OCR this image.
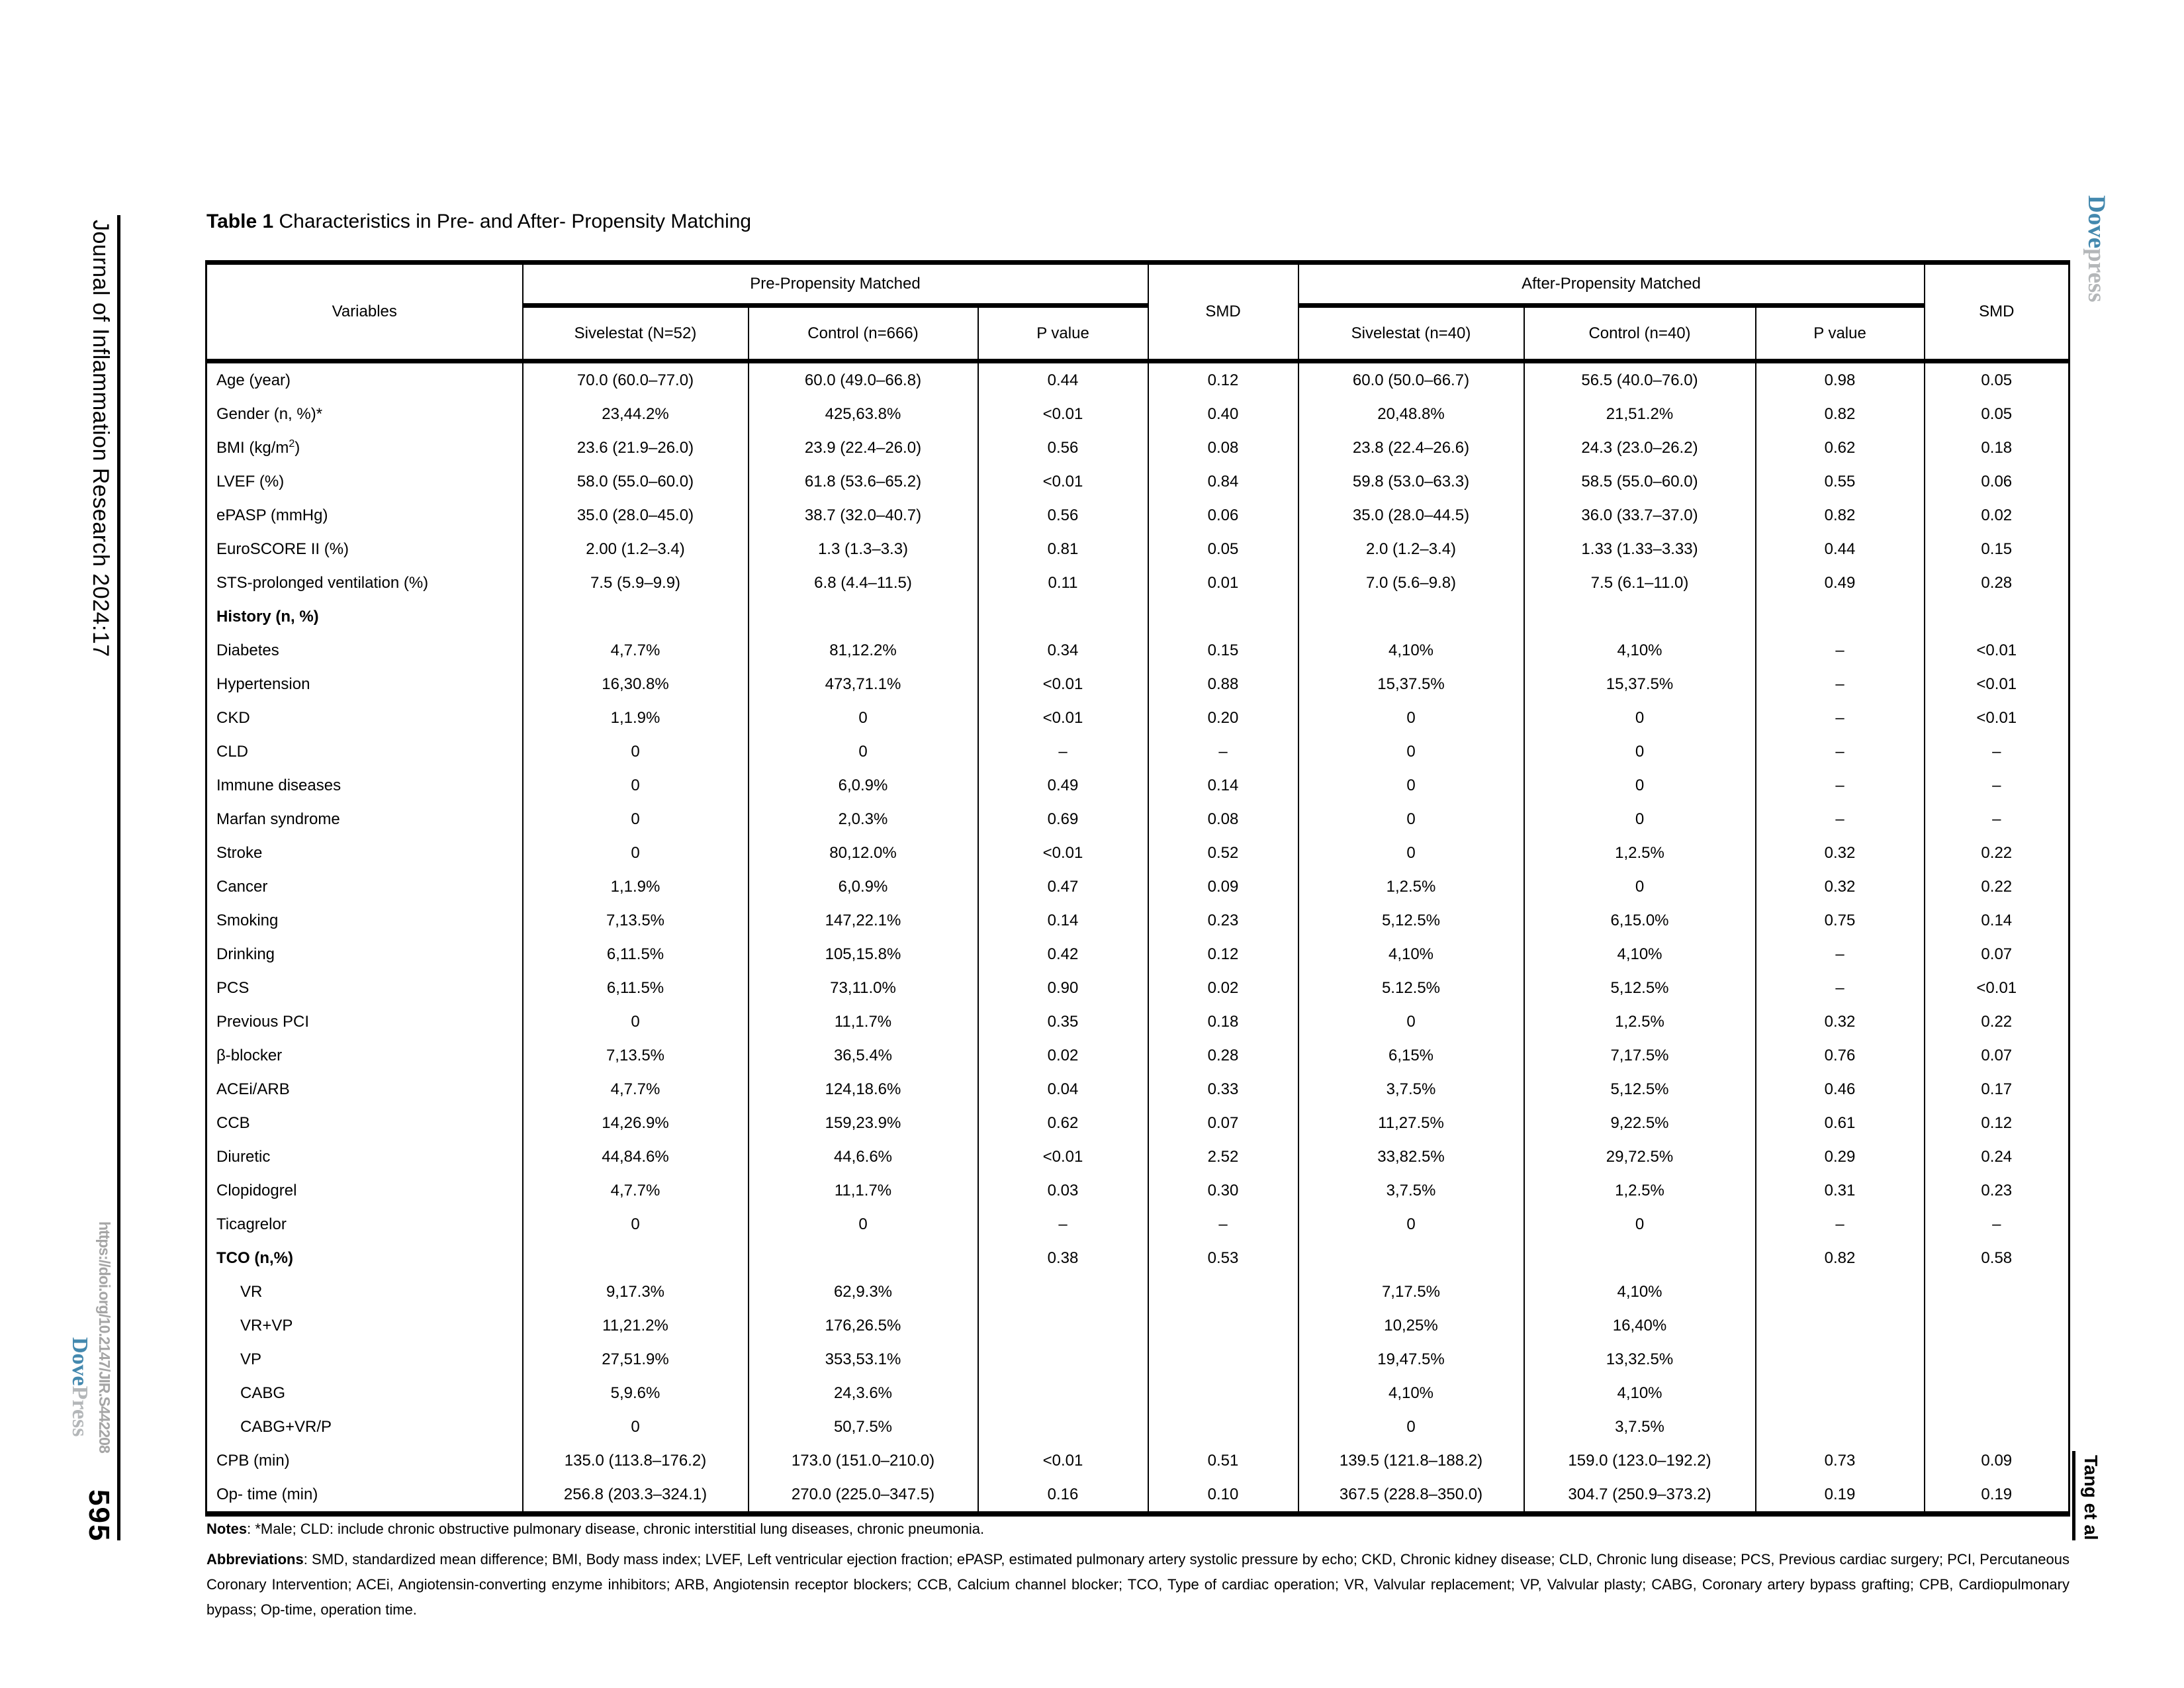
Journal of Inflammation Research 2024:17
https://doi.org/10.2147/JIR.S442208
DovePress
595
Dovepress
Tang et al
Table 1 Characteristics in Pre- and After- Propensity Matching
Variables	Pre-Propensity Matched			SMD	After-Propensity Matched			SMD
	Sivelestat (N=52)	Control (n=666)	P value		Sivelestat (n=40)	Control (n=40)	P value	
Age (year)	70.0 (60.0–77.0)	60.0 (49.0–66.8)	0.44	0.12	60.0 (50.0–66.7)	56.5 (40.0–76.0)	0.98	0.05
Gender (n, %)*	23,44.2%	425,63.8%	<0.01	0.40	20,48.8%	21,51.2%	0.82	0.05
BMI $(kg/m^2)$	23.6 (21.9–26.0)	23.9 (22.4–26.0)	0.56	0.08	23.8 (22.4–26.6)	24.3 (23.0–26.2)	0.62	0.18
LVEF (%)	58.0 (55.0–60.0)	61.8 (53.6–65.2)	<0.01	0.84	59.8 (53.0–63.3)	58.5 (55.0–60.0)	0.55	0.06
ePASP (mmHg)	35.0 (28.0–45.0)	38.7 (32.0–40.7)	0.56	0.06	35.0 (28.0–44.5)	36.0 (33.7–37.0)	0.82	0.02
EuroSCORE II (%)	2.00 (1.2–3.4)	1.3 (1.3–3.3)	0.81	0.05	2.0 (1.2–3.4)	1.33 (1.33–3.33)	0.44	0.15
STS-prolonged ventilation (%)	7.5 (5.9–9.9)	6.8 (4.4–11.5)	0.11	0.01	7.0 (5.6–9.8)	7.5 (6.1–11.0)	0.49	0.28
History (n, %)								
Diabetes	4,7.7%	81,12.2%	0.34	0.15	4,10%	4,10%	–	<0.01
Hypertension	16,30.8%	473,71.1%	<0.01	0.88	15,37.5%	15,37.5%	–	<0.01
CKD	1,1.9%	0	<0.01	0.20	0	0	–	<0.01
CLD	0	0	–	–	0	0	–	–
Immune diseases	0	6,0.9%	0.49	0.14	0	0	–	–
Marfan syndrome	0	2,0.3%	0.69	0.08	0	0	–	–
Stroke	0	80,12.0%	<0.01	0.52	0	1,2.5%	0.32	0.22
Cancer	1,1.9%	6,0.9%	0.47	0.09	1,2.5%	0	0.32	0.22
Smoking	7,13.5%	147,22.1%	0.14	0.23	5,12.5%	6,15.0%	0.75	0.14
Drinking	6,11.5%	105,15.8%	0.42	0.12	4,10%	4,10%	–	0.07
PCS	6,11.5%	73,11.0%	0.90	0.02	5.12.5%	5,12.5%	–	<0.01
Previous PCI	0	11,1.7%	0.35	0.18	0	1,2.5%	0.32	0.22
β-blocker	7,13.5%	36,5.4%	0.02	0.28	6,15%	7,17.5%	0.76	0.07
ACEi/ARB	4,7.7%	124,18.6%	0.04	0.33	3,7.5%	5,12.5%	0.46	0.17
CCB	14,26.9%	159,23.9%	0.62	0.07	11,27.5%	9,22.5%	0.61	0.12
Diuretic	44,84.6%	44,6.6%	<0.01	2.52	33,82.5%	29,72.5%	0.29	0.24
Clopidogrel	4,7.7%	11,1.7%	0.03	0.30	3,7.5%	1,2.5%	0.31	0.23
Ticagrelor	0	0	–	–	0	0	–	–
TCO (n,%)			0.38	0.53			0.82	0.58
VR	9,17.3%	62,9.3%			7,17.5%	4,10%		
VR+VP	11,21.2%	176,26.5%			10,25%	16,40%		
VP	27,51.9%	353,53.1%			19,47.5%	13,32.5%		
CABG	5,9.6%	24,3.6%			4,10%	4,10%		
CABG+VR/P	0	50,7.5%			0	3,7.5%		
CPB (min)	135.0 (113.8–176.2)	173.0 (151.0–210.0)	<0.01	0.51	139.5 (121.8–188.2)	159.0 (123.0–192.2)	0.73	0.09
Op- time (min)	256.8 (203.3–324.1)	270.0 (225.0–347.5)	0.16	0.10	367.5 (228.8–350.0)	304.7 (250.9–373.2)	0.19	0.19
Notes: *Male; CLD: include chronic obstructive pulmonary disease, chronic interstitial lung diseases, chronic pneumonia.
Abbreviations: SMD, standardized mean difference; BMI, Body mass index; LVEF, Left ventricular ejection fraction; ePASP, estimated pulmonary artery systolic pressure by echo; CKD, Chronic kidney disease; CLD, Chronic lung disease; PCS, Previous cardiac surgery; PCI, Percutaneous Coronary Intervention; ACEi, Angiotensin-converting enzyme inhibitors; ARB, Angiotensin receptor blockers; CCB, Calcium channel blocker; TCO, Type of cardiac operation; VR, Valvular replacement; VP, Valvular plasty; CABG, Coronary artery bypass grafting; CPB, Cardiopulmonary bypass; Op-time, operation time.
